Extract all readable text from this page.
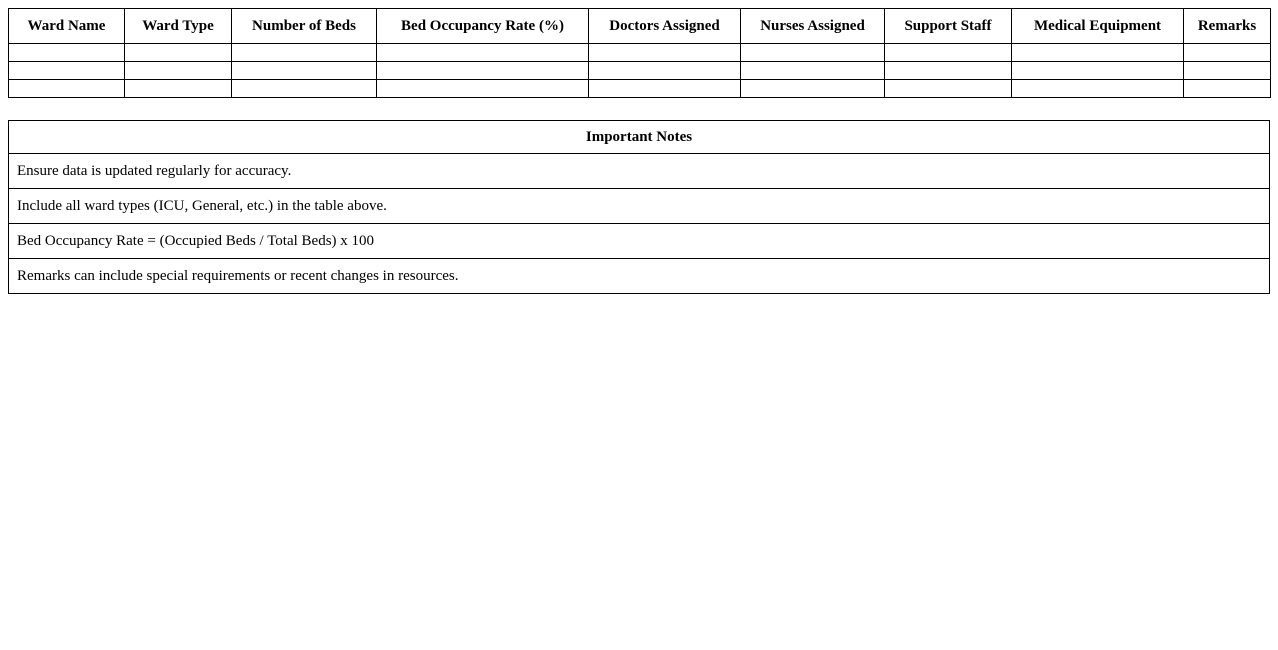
Ward Name	Ward Type	Number of Beds	Bed Occupancy Rate (%)	Doctors Assigned	Nurses Assigned	Support Staff	Medical Equipment	Remarks

Important Notes
Ensure data is updated regularly for accuracy.
Include all ward types (ICU, General, etc.) in the table above.
Bed Occupancy Rate = (Occupied Beds / Total Beds) x 100
Remarks can include special requirements or recent changes in resources.
